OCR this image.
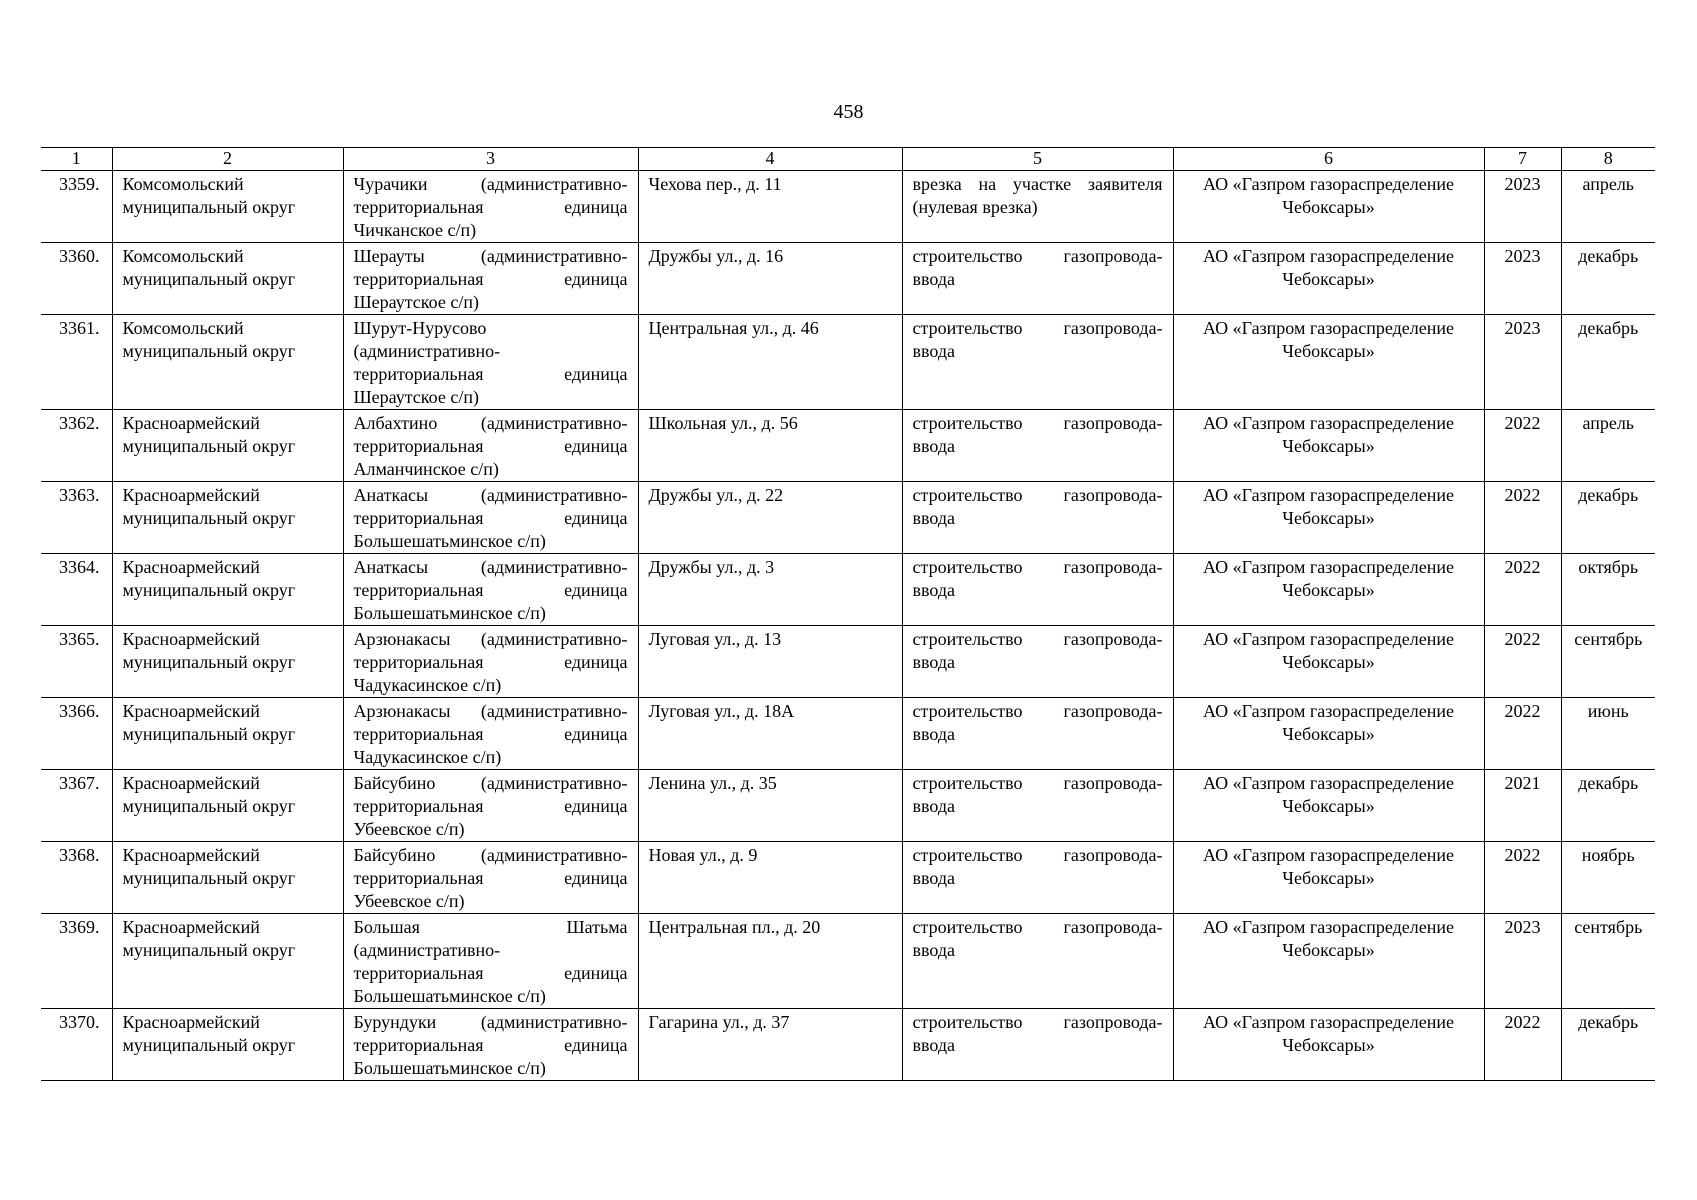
458
1	2	3	4	5	6	7	8
3359.	Комсомольский муниципальный округ	Чурачики (административно-территориальная единица Чичканское с/п)	Чехова пер., д. 11	врезка на участке заявителя (нулевая врезка)	АО «Газпром газораспределение Чебоксары»	2023	апрель
3360.	Комсомольский муниципальный округ	Шерауты (административно-территориальная единица Шераутское с/п)	Дружбы ул., д. 16	строительство газопровода-ввода	АО «Газпром газораспределение Чебоксары»	2023	декабрь
3361.	Комсомольский муниципальный округ	Шурут-Нурусово (административно-территориальная единица Шераутское с/п)	Центральная ул., д. 46	строительство газопровода-ввода	АО «Газпром газораспределение Чебоксары»	2023	декабрь
3362.	Красноармейский муниципальный округ	Албахтино (административно-территориальная единица Алманчинское с/п)	Школьная ул., д. 56	строительство газопровода-ввода	АО «Газпром газораспределение Чебоксары»	2022	апрель
3363.	Красноармейский муниципальный округ	Анаткасы (административно-территориальная единица Большешатьминское с/п)	Дружбы ул., д. 22	строительство газопровода-ввода	АО «Газпром газораспределение Чебоксары»	2022	декабрь
3364.	Красноармейский муниципальный округ	Анаткасы (административно-территориальная единица Большешатьминское с/п)	Дружбы ул., д. 3	строительство газопровода-ввода	АО «Газпром газораспределение Чебоксары»	2022	октябрь
3365.	Красноармейский муниципальный округ	Арзюнакасы (административно-территориальная единица Чадукасинское с/п)	Луговая ул., д. 13	строительство газопровода-ввода	АО «Газпром газораспределение Чебоксары»	2022	сентябрь
3366.	Красноармейский муниципальный округ	Арзюнакасы (административно-территориальная единица Чадукасинское с/п)	Луговая ул., д. 18А	строительство газопровода-ввода	АО «Газпром газораспределение Чебоксары»	2022	июнь
3367.	Красноармейский муниципальный округ	Байсубино (административно-территориальная единица Убеевское с/п)	Ленина ул., д. 35	строительство газопровода-ввода	АО «Газпром газораспределение Чебоксары»	2021	декабрь
3368.	Красноармейский муниципальный округ	Байсубино (административно-территориальная единица Убеевское с/п)	Новая ул., д. 9	строительство газопровода-ввода	АО «Газпром газораспределение Чебоксары»	2022	ноябрь
3369.	Красноармейский муниципальный округ	Большая Шатьма (административно-территориальная единица Большешатьминское с/п)	Центральная пл., д. 20	строительство газопровода-ввода	АО «Газпром газораспределение Чебоксары»	2023	сентябрь
3370.	Красноармейский муниципальный округ	Бурундуки (административно-территориальная единица Большешатьминское с/п)	Гагарина ул., д. 37	строительство газопровода-ввода	АО «Газпром газораспределение Чебоксары»	2022	декабрь
